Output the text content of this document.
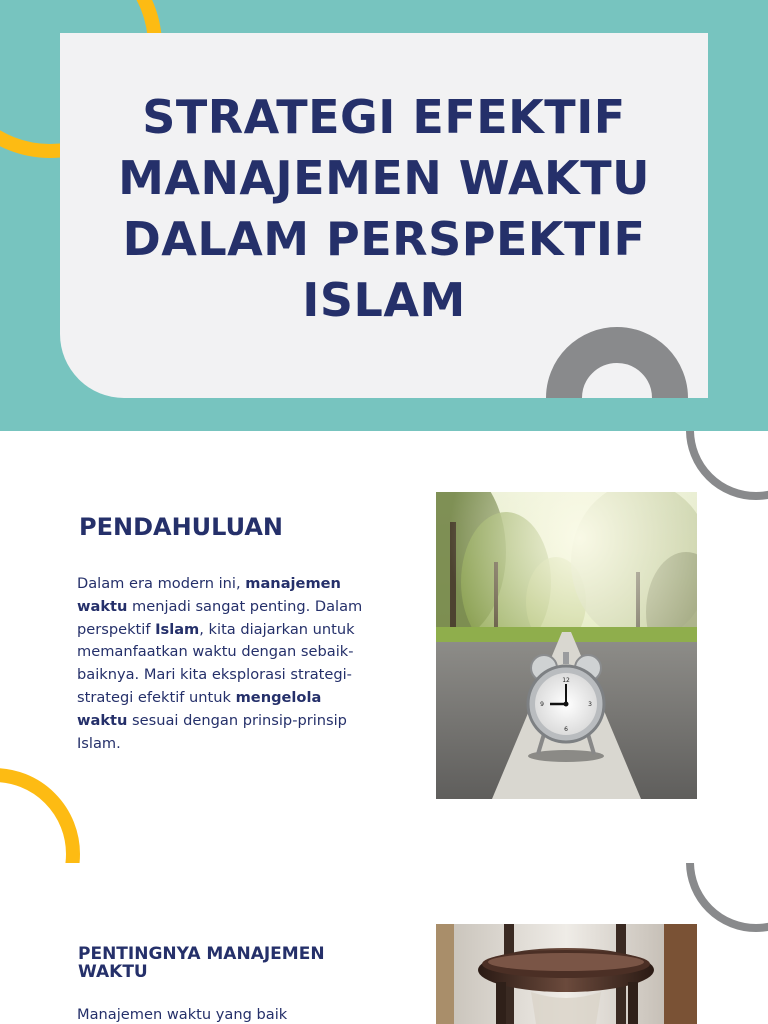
STRATEGI EFEKTIF
MANAJEMEN WAKTU
DALAM PERSPEKTIF
ISLAM
PENDAHULUAN

Dalam era modern ini, manajemen waktu menjadi sangat penting. Dalam perspektif Islam, kita diajarkan untuk memanfaatkan waktu dengan sebaik-baiknya. Mari kita eksplorasi strategi-strategi efektif untuk mengelola waktu sesuai dengan prinsip-prinsip Islam.

12
3
6
9
PENTINGNYA MANAJEMEN WAKTU

Manajemen waktu yang baik
